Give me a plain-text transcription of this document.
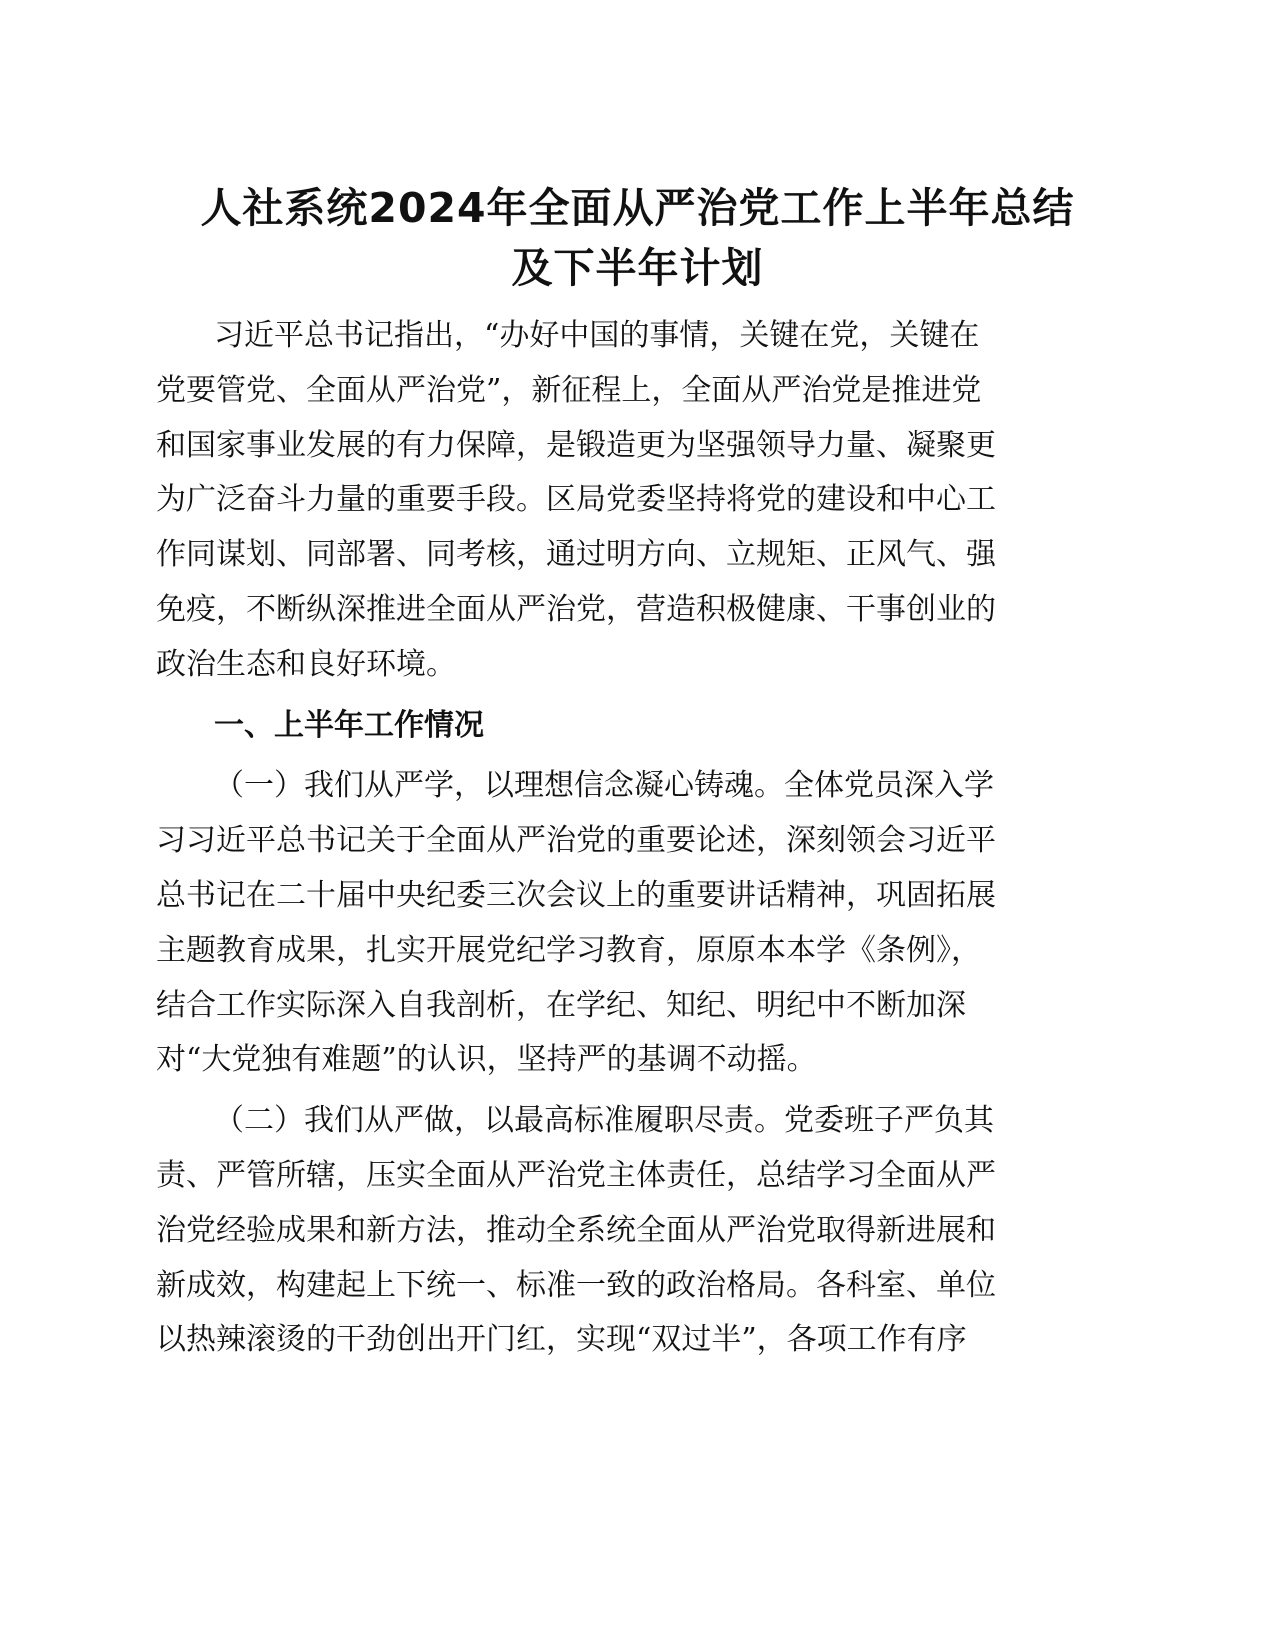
人社系统2024年全面从严治党工作上半年总结
及下半年计划

习近平总书记指出，“办好中国的事情，关键在党，关键在

党要管党、全面从严治党”，新征程上，全面从严治党是推进党

和国家事业发展的有力保障，是锻造更为坚强领导力量、凝聚更

为广泛奋斗力量的重要手段。区局党委坚持将党的建设和中心工

作同谋划、同部署、同考核，通过明方向、立规矩、正风气、强

免疫，不断纵深推进全面从严治党，营造积极健康、干事创业的

政治生态和良好环境。

一、上半年工作情况

（一）我们从严学，以理想信念凝心铸魂。全体党员深入学

习习近平总书记关于全面从严治党的重要论述，深刻领会习近平

总书记在二十届中央纪委三次会议上的重要讲话精神，巩固拓展

主题教育成果，扎实开展党纪学习教育，原原本本学《条例》，

结合工作实际深入自我剖析，在学纪、知纪、明纪中不断加深

对“大党独有难题”的认识，坚持严的基调不动摇。

（二）我们从严做，以最高标准履职尽责。党委班子严负其

责、严管所辖，压实全面从严治党主体责任，总结学习全面从严

治党经验成果和新方法，推动全系统全面从严治党取得新进展和

新成效，构建起上下统一、标准一致的政治格局。各科室、单位

以热辣滚烫的干劲创出开门红，实现“双过半”，各项工作有序
